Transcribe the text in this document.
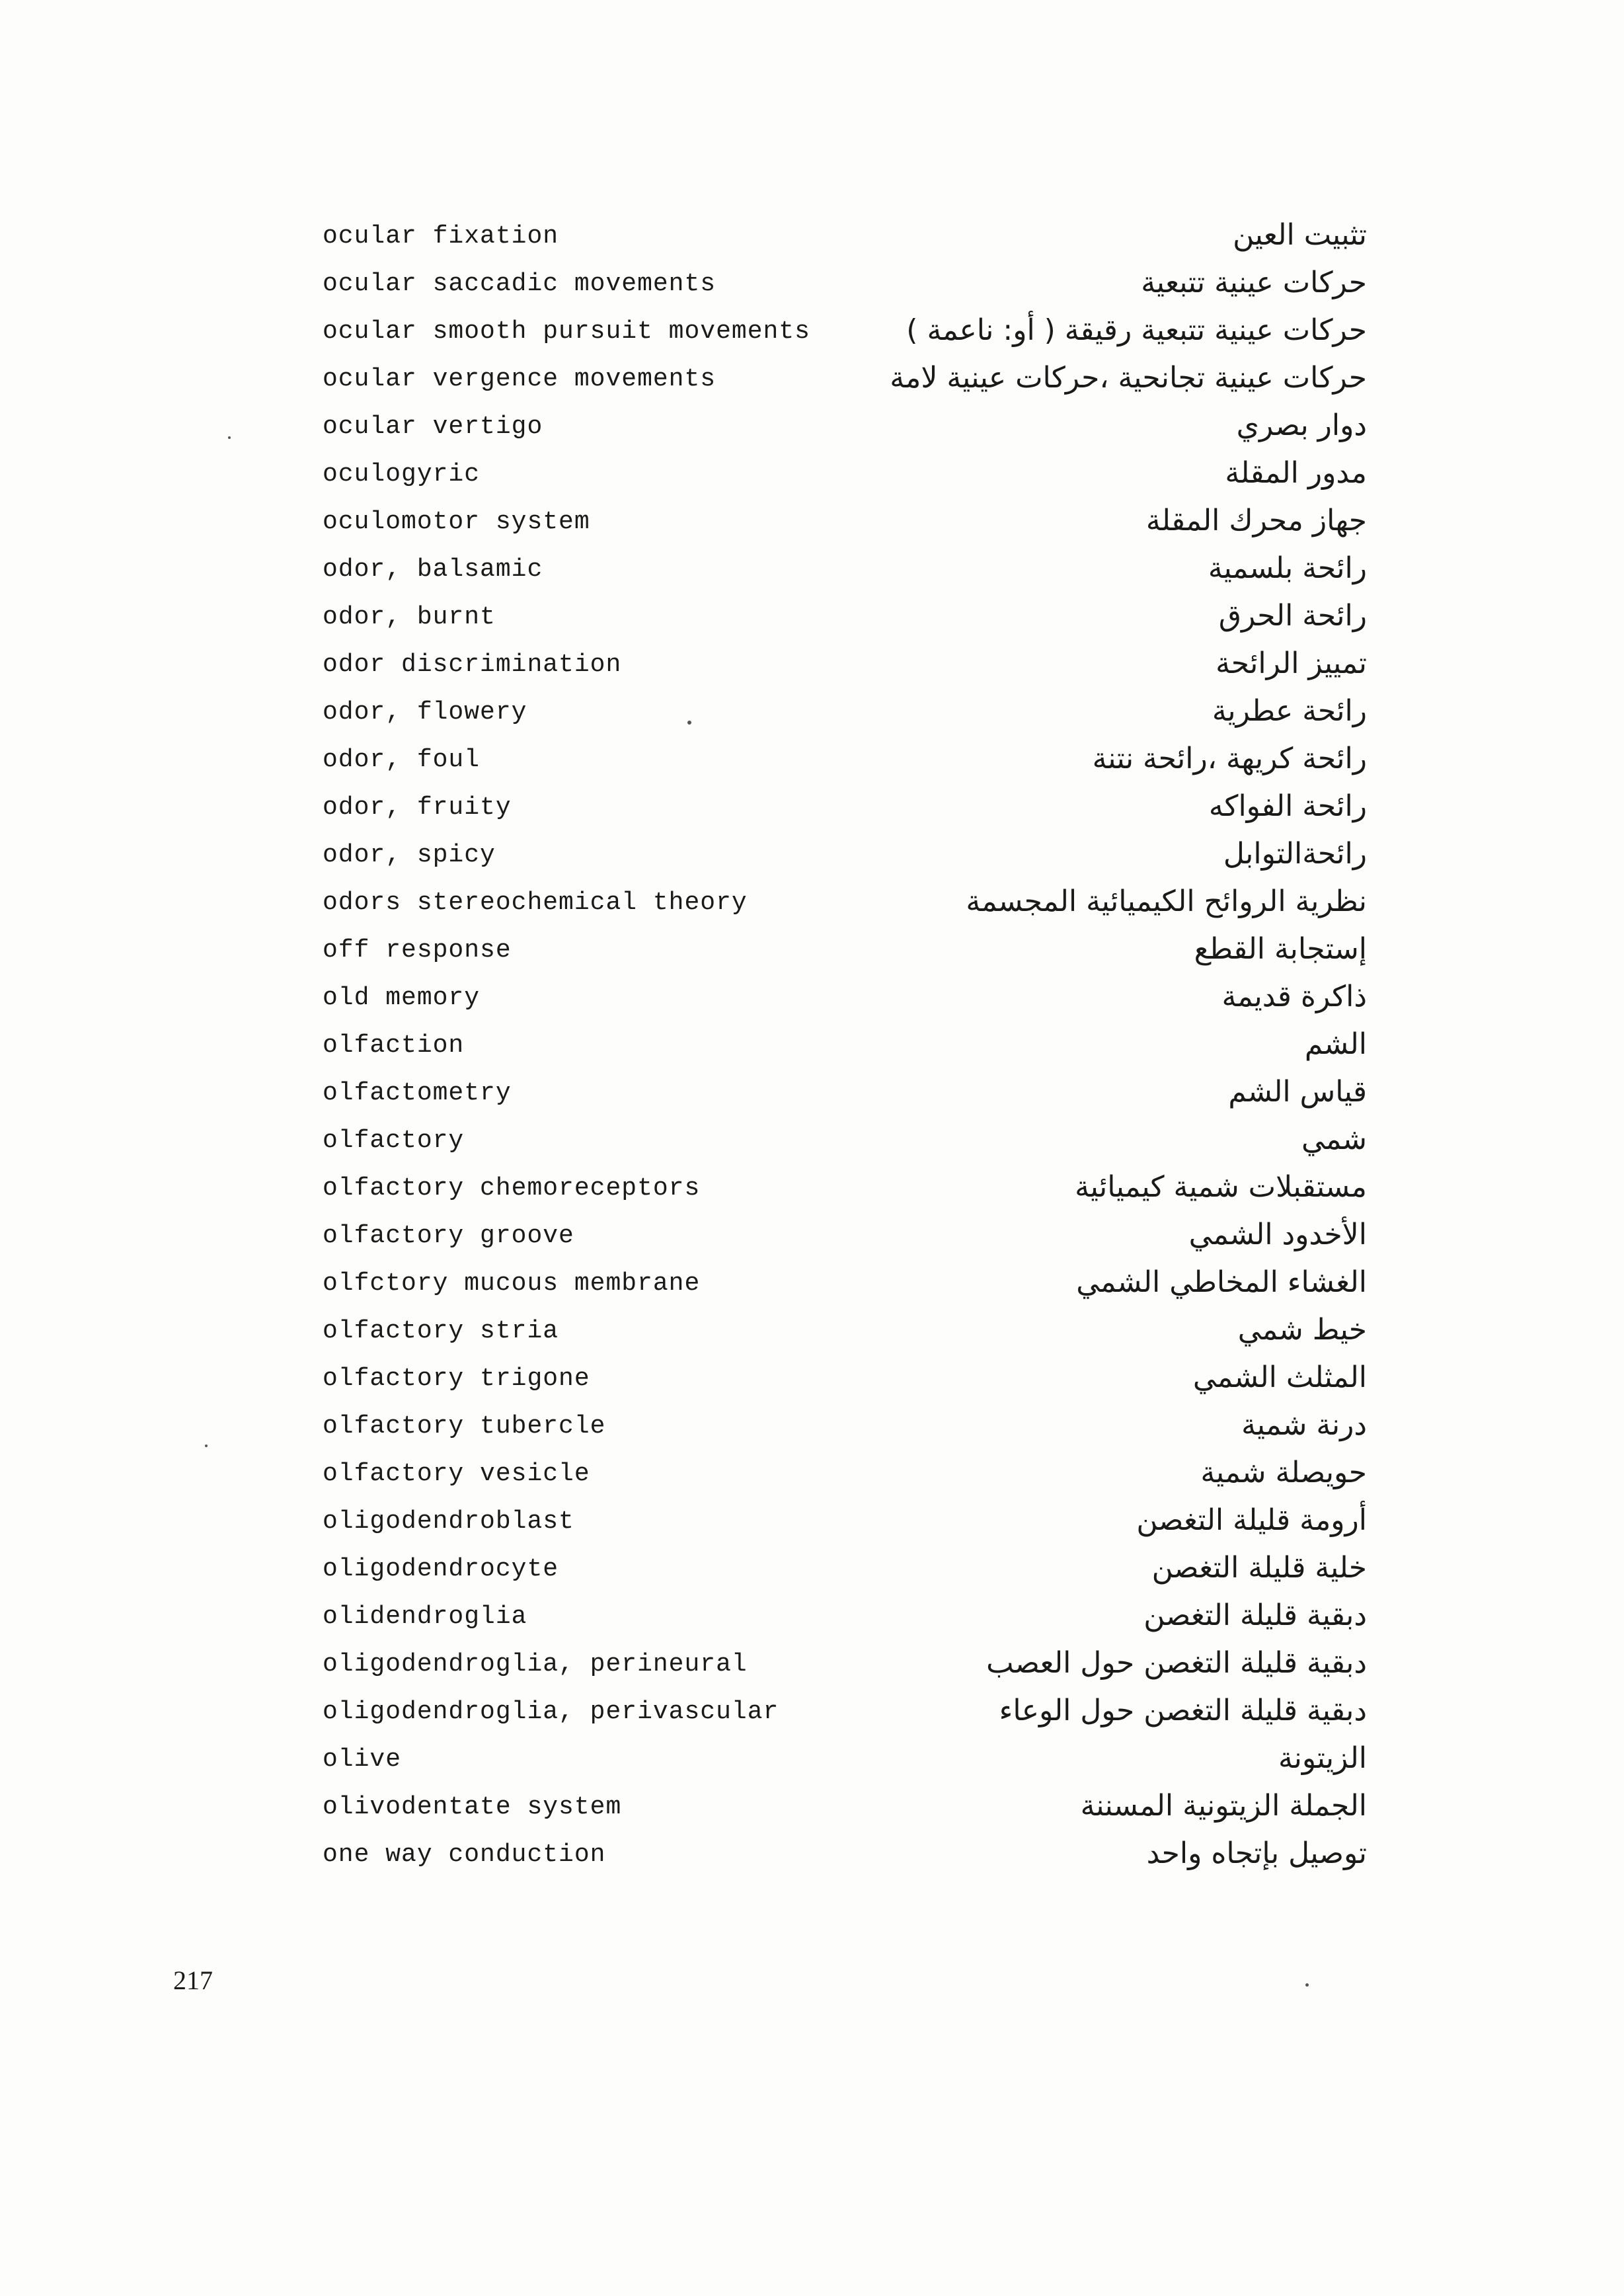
ocular fixation	تثبيت العين
ocular saccadic movements	حركات عينية تتبعية
ocular smooth pursuit movements	حركات عينية تتبعية رقيقة ( أو: ناعمة )
ocular vergence movements	حركات عينية تجانحية ،حركات عينية لامة
ocular vertigo	دوار بصري
oculogyric	مدور المقلة
oculomotor system	جهاز محرك المقلة
odor, balsamic	رائحة بلسمية
odor, burnt	رائحة الحرق
odor discrimination	تمييز الرائحة
odor, flowery	رائحة عطرية
odor, foul	رائحة كريهة ،رائحة نتنة
odor, fruity	رائحة الفواكه
odor, spicy	رائحةالتوابل
odors stereochemical theory	نظرية الروائح الكيميائية المجسمة
off response	إستجابة القطع
old memory	ذاكرة قديمة
olfaction	الشم
olfactometry	قياس الشم
olfactory	شمي
olfactory chemoreceptors	مستقبلات شمية كيميائية
olfactory groove	الأخدود الشمي
olfctory mucous membrane	الغشاء المخاطي الشمي
olfactory stria	خيط شمي
olfactory trigone	المثلث الشمي
olfactory tubercle	درنة شمية
olfactory vesicle	حويصلة شمية
oligodendroblast	أرومة قليلة التغصن
oligodendrocyte	خلية قليلة التغصن
olidendroglia	دبقية قليلة التغصن
oligodendroglia, perineural	دبقية قليلة التغصن حول العصب
oligodendroglia, perivascular	دبقية قليلة التغصن حول الوعاء
olive	الزيتونة
olivodentate system	الجملة الزيتونية المسننة
one way conduction	توصيل بإتجاه واحد
217
